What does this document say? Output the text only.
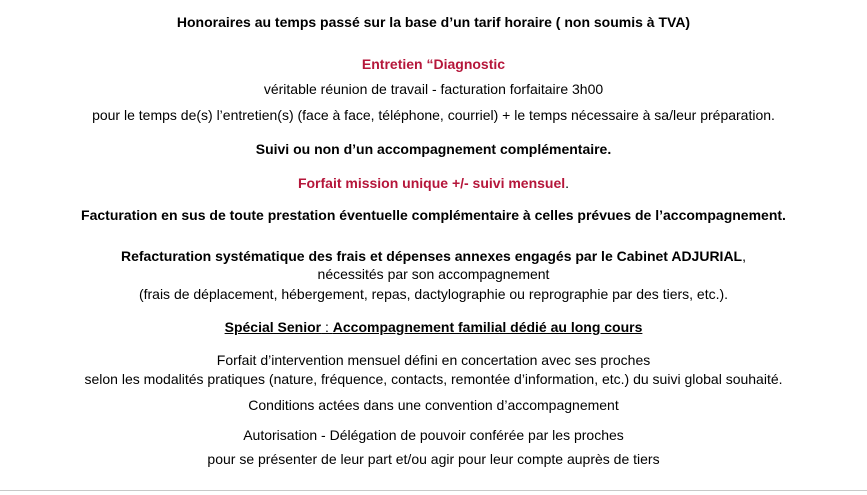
Honoraires au temps passé sur la base d’un tarif horaire ( non soumis à TVA)
Entretien “Diagnostic
véritable réunion de travail - facturation forfaitaire 3h00
pour le temps de(s) l’entretien(s) (face à face, téléphone, courriel) + le temps nécessaire à sa/leur préparation.
Suivi ou non d’un accompagnement complémentaire.
Forfait mission unique +/- suivi mensuel.
Facturation en sus de toute prestation éventuelle complémentaire à celles prévues de l’accompagnement.
Refacturation systématique des frais et dépenses annexes engagés par le Cabinet ADJURIAL,
nécessités par son accompagnement
(frais de déplacement, hébergement, repas, dactylographie ou reprographie par des tiers, etc.).
Spécial Senior : Accompagnement familial dédié au long cours
Forfait d’intervention mensuel défini en concertation avec ses proches
selon les modalités pratiques (nature, fréquence, contacts, remontée d’information, etc.) du suivi global souhaité.
Conditions actées dans une convention d’accompagnement
Autorisation - Délégation de pouvoir conférée par les proches
pour se présenter de leur part et/ou agir pour leur compte auprès de tiers
